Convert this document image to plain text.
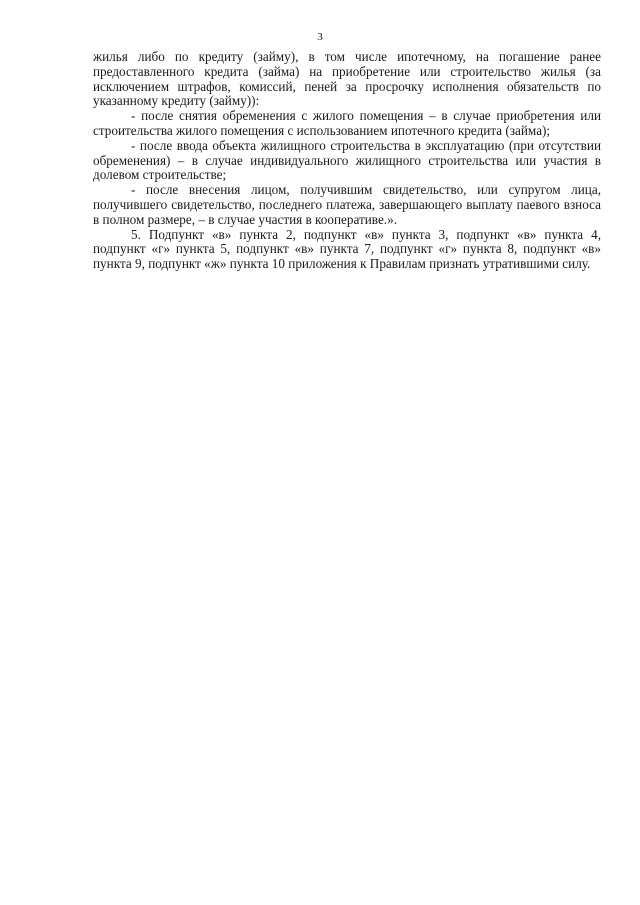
3

жилья либо по кредиту (займу), в том числе ипотечному, на погашение ранее предоставленного кредита (займа) на приобретение или строительство жилья (за исключением штрафов, комиссий, пеней за просрочку исполнения обязательств по указанному кредиту (займу)):

- после снятия обременения с жилого помещения – в случае приобретения или строительства жилого помещения с использованием ипотечного кредита (займа);

- после ввода объекта жилищного строительства в эксплуатацию (при отсутствии обременения) – в случае индивидуального жилищного строительства или участия в долевом строительстве;

- после внесения лицом, получившим свидетельство, или супругом лица, получившего свидетельство, последнего платежа, завершающего выплату паевого взноса в полном размере, – в случае участия в кооперативе.».

5. Подпункт «в» пункта 2, подпункт «в» пункта 3, подпункт «в» пункта 4, подпункт «г» пункта 5, подпункт «в» пункта 7, подпункт «г» пункта 8, подпункт «в» пункта 9, подпункт «ж» пункта 10 приложения к Правилам признать утратившими силу.
